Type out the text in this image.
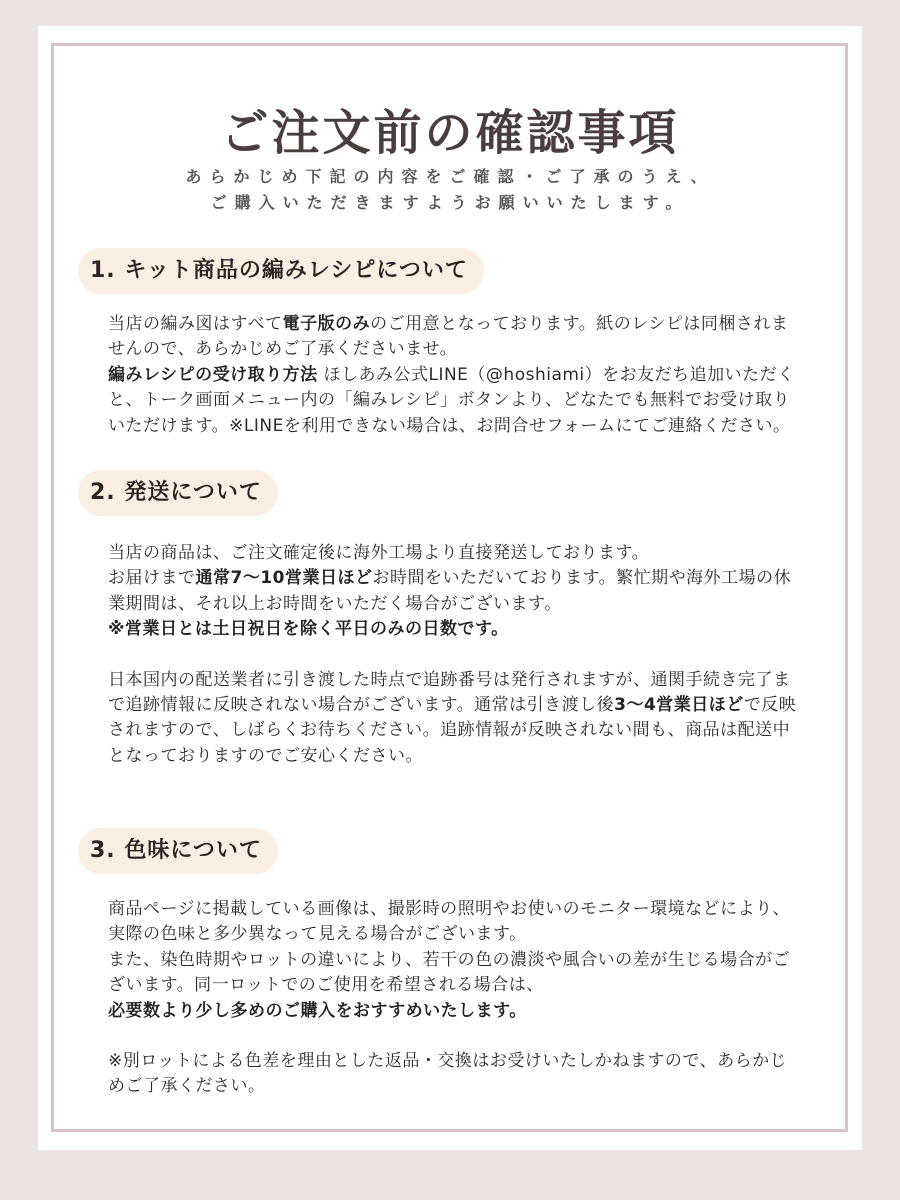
ご注文前の確認事項
あらかじめ下記の内容をご確認・ご了承のうえ、
ご購入いただきますようお願いいたします。
1. キット商品の編みレシピについて

当店の編み図はすべて電子版のみのご用意となっております。紙のレシピは同梱されませんので、あらかじめご了承くださいませ。

編みレシピの受け取り方法 ほしあみ公式LINE（@hoshiami）をお友だち追加いただくと、トーク画面メニュー内の「編みレシピ」ボタンより、どなたでも無料でお受け取りいただけます。※LINEを利用できない場合は、お問合せフォームにてご連絡ください。

2. 発送について

当店の商品は、ご注文確定後に海外工場より直接発送しております。

お届けまで通常7〜10営業日ほどお時間をいただいております。繁忙期や海外工場の休業期間は、それ以上お時間をいただく場合がございます。

※営業日とは土日祝日を除く平日のみの日数です。

日本国内の配送業者に引き渡した時点で追跡番号は発行されますが、通関手続き完了まで追跡情報に反映されない場合がございます。通常は引き渡し後3〜4営業日ほどで反映されますので、しばらくお待ちください。追跡情報が反映されない間も、商品は配送中となっておりますのでご安心ください。

3. 色味について

商品ページに掲載している画像は、撮影時の照明やお使いのモニター環境などにより、実際の色味と多少異なって見える場合がございます。

また、染色時期やロットの違いにより、若干の色の濃淡や風合いの差が生じる場合がございます。同一ロットでのご使用を希望される場合は、

必要数より少し多めのご購入をおすすめいたします。

※別ロットによる色差を理由とした返品・交換はお受けいたしかねますので、あらかじめご了承ください。
